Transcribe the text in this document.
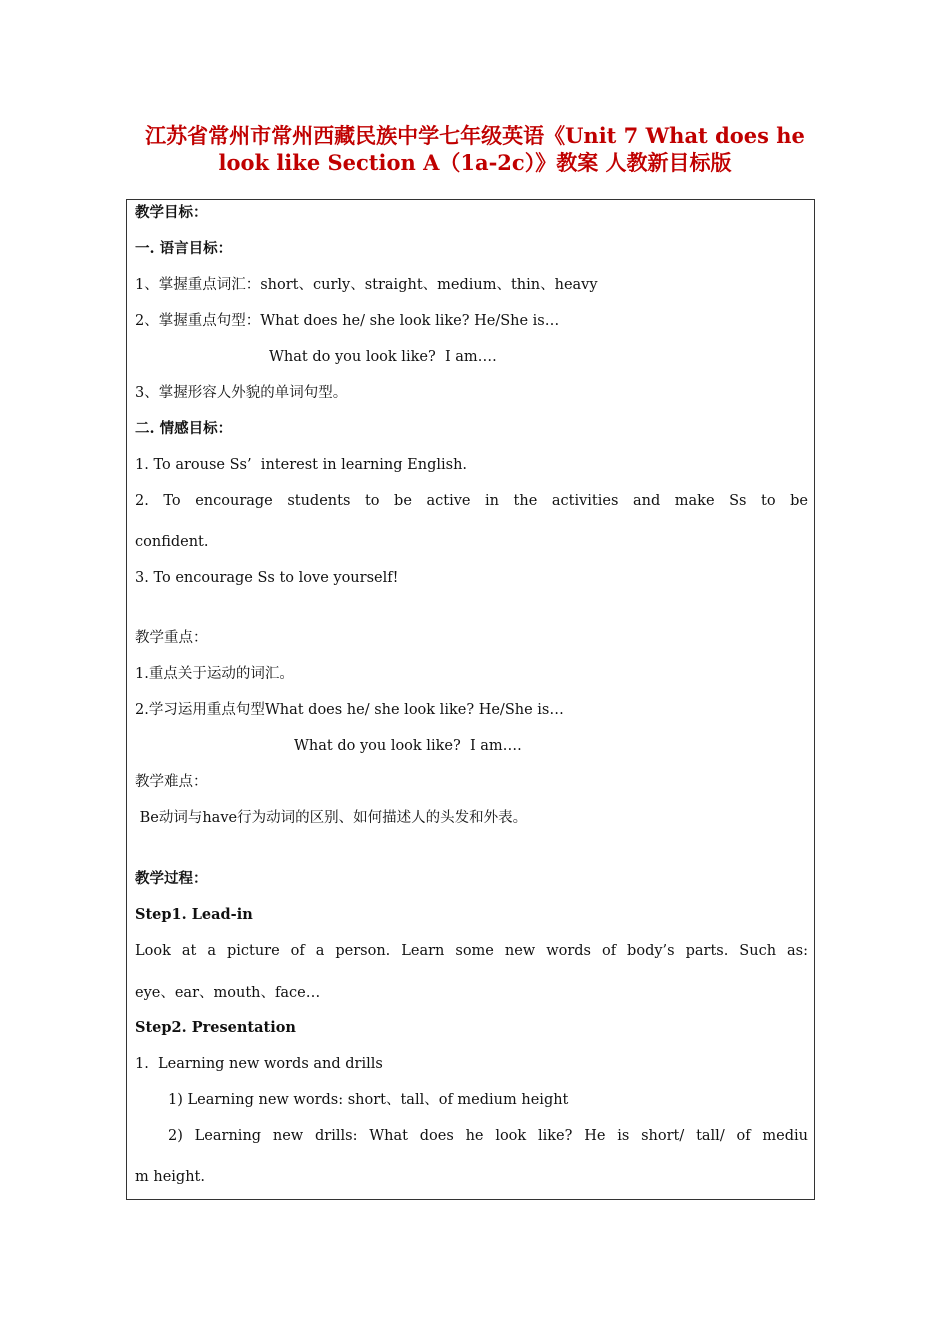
江苏省常州市常州西藏民族中学七年级英语《Unit 7 What does he
look like Section A（1a-2c）》教案 人教新目标版
教学目标：
一. 语言目标：
1、掌握重点词汇：short、curly、straight、medium、thin、heavy
2、掌握重点句型：What does he/ she look like? He/She is…
What do you look like?  I am….
3、掌握形容人外貌的单词句型。
二. 情感目标：
1. To arouse Ss’  interest in learning English.
2. To encourage students to be active in the activities and make Ss to be
confident.
3. To encourage Ss to love yourself!
教学重点：
1.重点关于运动的词汇。
2.学习运用重点句型What does he/ she look like? He/She is…
What do you look like?  I am….
教学难点：
Be动词与have行为动词的区别、如何描述人的头发和外表。
教学过程：
Step1. Lead-in
Look at a picture of a person. Learn some new words of body’s parts. Such as:
eye、ear、mouth、face…
Step2. Presentation
1.  Learning new words and drills
1) Learning new words: short、tall、of medium height
2) Learning new drills: What does he look like? He is short/ tall/ of mediu
m height.
